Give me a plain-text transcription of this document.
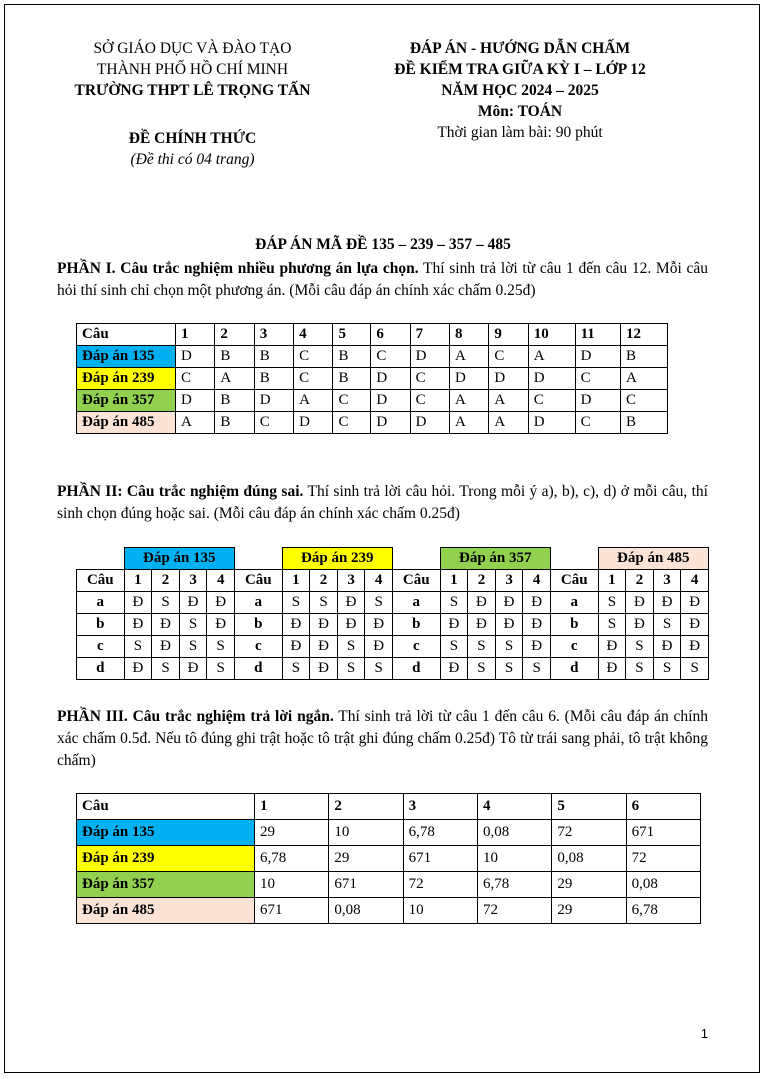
SỞ GIÁO DỤC VÀ ĐÀO TẠO
THÀNH PHỐ HỒ CHÍ MINH
TRƯỜNG THPT LÊ TRỌNG TẤN
ĐỀ CHÍNH THỨC
(Đề thi có 04 trang)
ĐÁP ÁN - HƯỚNG DẪN CHẤM
ĐỀ KIỂM TRA GIỮA KỲ I – LỚP 12
NĂM HỌC 2024 – 2025
Môn: TOÁN
Thời gian làm bài: 90 phút
ĐÁP ÁN MÃ ĐỀ 135 – 239 – 357 – 485
PHẦN I. Câu trắc nghiệm nhiều phương án lựa chọn. Thí sinh trả lời từ câu 1 đến câu 12. Mỗi câu hỏi thí sinh chỉ chọn một phương án. (Mỗi câu đáp án chính xác chấm 0.25đ)
Câu	1	2	3	4	5	6	7	8	9	10	11	12
Đáp án 135	D	B	B	C	B	C	D	A	C	A	D	B
Đáp án 239	C	A	B	C	B	D	C	D	D	D	C	A
Đáp án 357	D	B	D	A	C	D	C	A	A	C	D	C
Đáp án 485	A	B	C	D	C	D	D	A	A	D	C	B
PHẦN II: Câu trắc nghiệm đúng sai. Thí sinh trả lời câu hỏi. Trong mỗi ý a), b), c), d) ở mỗi câu, thí sinh chọn đúng hoặc sai. (Mỗi câu đáp án chính xác chấm 0.25đ)
	Đáp án 135					Đáp án 239					Đáp án 357					Đáp án 485			
Câu	1	2	3	4	Câu	1	2	3	4	Câu	1	2	3	4	Câu	1	2	3	4
a	Đ	S	Đ	Đ	a	S	S	Đ	S	a	S	Đ	Đ	Đ	a	S	Đ	Đ	Đ
b	Đ	Đ	S	Đ	b	Đ	Đ	Đ	Đ	b	Đ	Đ	Đ	Đ	b	S	Đ	S	Đ
c	S	Đ	S	S	c	Đ	Đ	S	Đ	c	S	S	S	Đ	c	Đ	S	Đ	Đ
d	Đ	S	Đ	S	d	S	Đ	S	S	d	Đ	S	S	S	d	Đ	S	S	S
PHẦN III. Câu trắc nghiệm trả lời ngắn. Thí sinh trả lời từ câu 1 đến câu 6. (Mỗi câu đáp án chính xác chấm 0.5đ. Nếu tô đúng ghi trật hoặc tô trật ghi đúng chấm 0.25đ) Tô từ trái sang phải, tô trật không chấm)
Câu	1	2	3	4	5	6
Đáp án 135	29	10	6,78	0,08	72	671
Đáp án 239	6,78	29	671	10	0,08	72
Đáp án 357	10	671	72	6,78	29	0,08
Đáp án 485	671	0,08	10	72	29	6,78
1
